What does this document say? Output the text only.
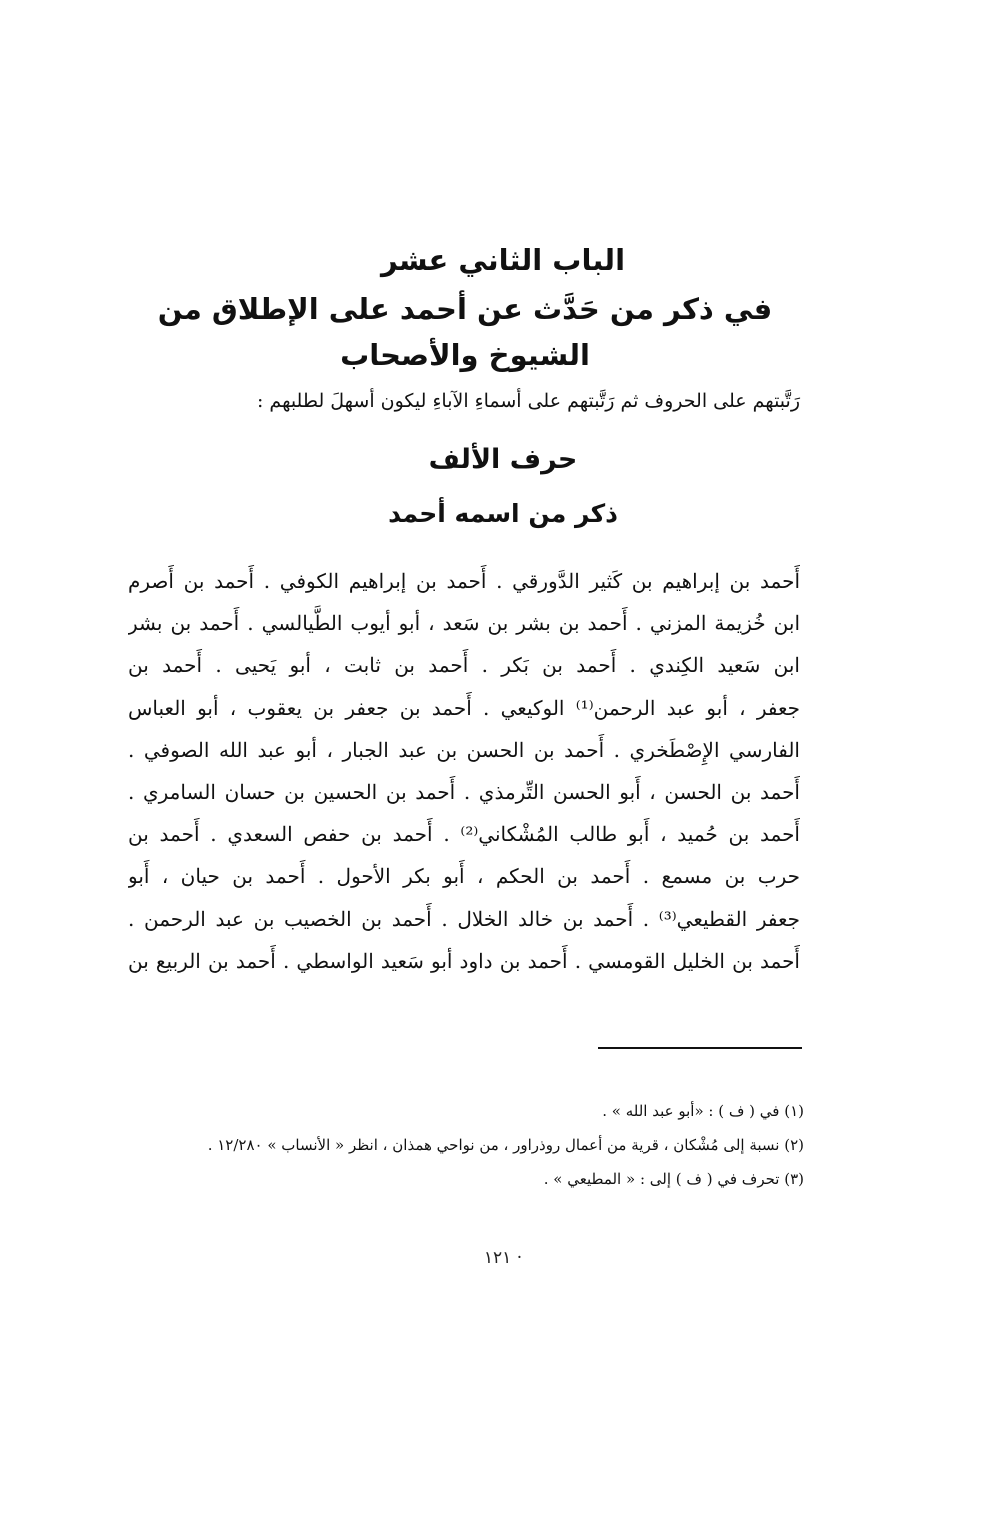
الباب الثاني عشر
في ذكر من حَدَّث عن أحمد على الإطلاق من الشيوخ والأصحاب
رَتَّبتهم على الحروف ثم رَتَّبتهم على أسماءِ الآباءِ ليكون أسهلَ لطلبهم :
حرف الألف
ذكر من اسمه أحمد
أَحمد بن إبراهيم بن كَثير الدَّورقي . أَحمد بن إبراهيم الكوفي . أَحمد بن أَصرم
ابن خُزيمة المزني . أَحمد بن بشر بن سَعد ، أبو أيوب الطَّيالسي . أَحمد بن بشر
ابن سَعيد الكِندي . أَحمد بن بَكر . أَحمد بن ثابت ، أبو يَحيى . أَحمد بن
جعفر ، أبو عبد الرحمن⁽¹⁾ الوكيعي . أَحمد بن جعفر بن يعقوب ، أبو العباس
الفارسي الإِصْطَخري . أَحمد بن الحسن بن عبد الجبار ، أبو عبد الله الصوفي .
أَحمد بن الحسن ، أَبو الحسن التِّرمذي . أَحمد بن الحسين بن حسان السامري .
أَحمد بن حُميد ، أَبو طالب المُشْكاني⁽²⁾ . أَحمد بن حفص السعدي . أَحمد بن
حرب بن مسمع . أَحمد بن الحكم ، أَبو بكر الأحول . أَحمد بن حيان ، أَبو
جعفر القطيعي⁽³⁾ . أَحمد بن خالد الخلال . أَحمد بن الخصيب بن عبد الرحمن .
أَحمد بن الخليل القومسي . أَحمد بن داود أبو سَعيد الواسطي . أَحمد بن الربيع بن
(١) في ( ف ) : «أبو عبد الله » .
(٢) نسبة إلى مُشْكان ، قرية من أعمال روذراور ، من نواحي همذان ، انظر « الأنساب » ١٢/٢٨٠ .
(٣) تحرف في ( ف ) إلى : « المطيعي » .
· ١٢١
